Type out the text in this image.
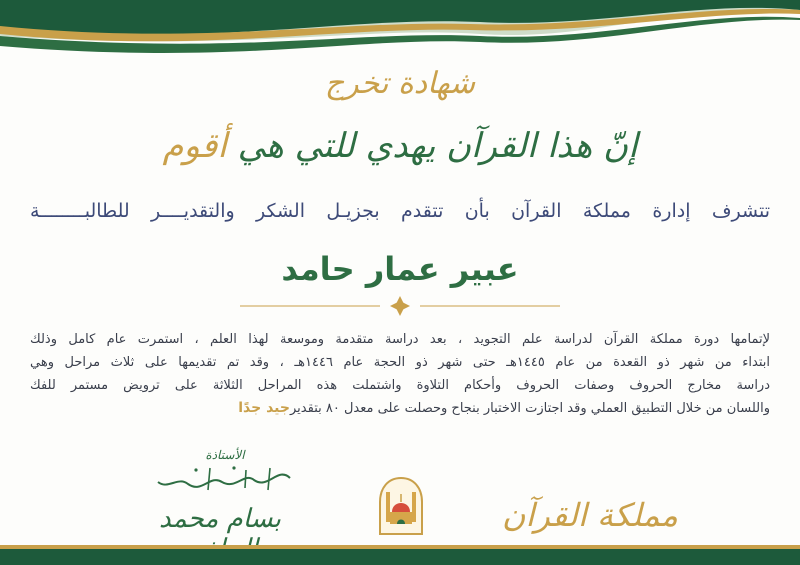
شهادة تخرج
إنّ هذا القرآن يهدي للتي هي أقوم
تتشرف إدارة مملكة القرآن بأن تتقدم بجزيـل الشكر والتقديــــر للطالبــــــــة
عبير عمار حامد

لإتمامها دورة مملكة القرآن لدراسة علم التجويد ، بعد دراسة متقدمة وموسعة لهذا العلم ، استمرت عام كامل وذلك

ابتداء من شهر ذو القعدة من عام ١٤٤٥هـ حتى شهر ذو الحجة عام ١٤٤٦هـ ، وقد تم تقديمها على ثلاث مراحل وهي

دراسة مخارج الحروف وصفات الحروف وأحكام التلاوة واشتملت هذه المراحل الثلاثة على ترويض مستمر للفك

واللسان من خلال التطبيق العملي وقد اجتازت الاختبار بنجاح وحصلت على معدل ٨٠ بتقديرجيد جدًا

الأستاذة

بسام محمد	مملكة القرآن
